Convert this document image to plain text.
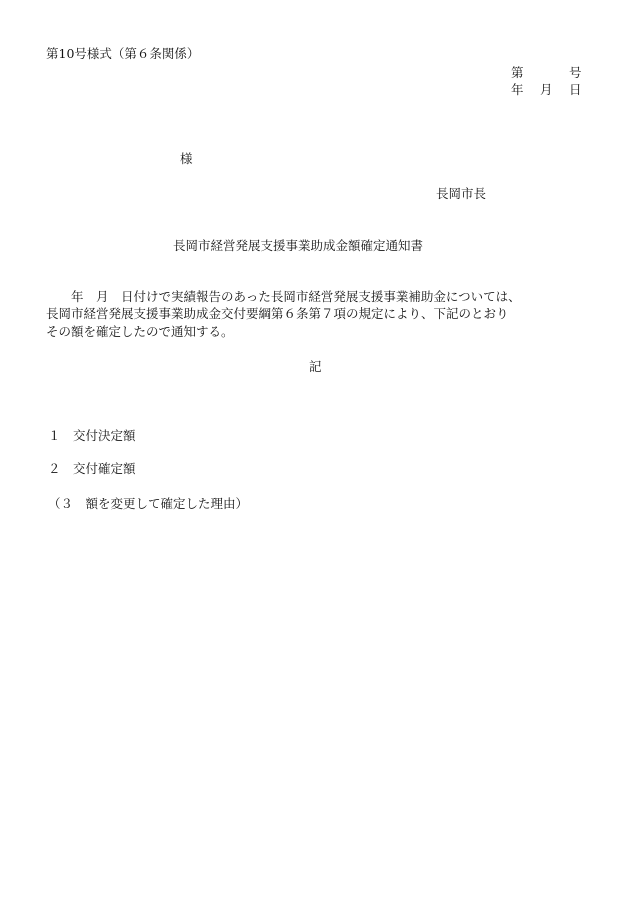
第10号様式（第６条関係）
第	号
年 月 日
様
長岡市長
長岡市経営発展支援事業助成金額確定通知書
　　年　月　日付けで実績報告のあった長岡市経営発展支援事業補助金については、
長岡市経営発展支援事業助成金交付要綱第６条第７項の規定により、下記のとおり
その額を確定したので通知する。
記
１　交付決定額
２　交付確定額
（３　額を変更して確定した理由）
